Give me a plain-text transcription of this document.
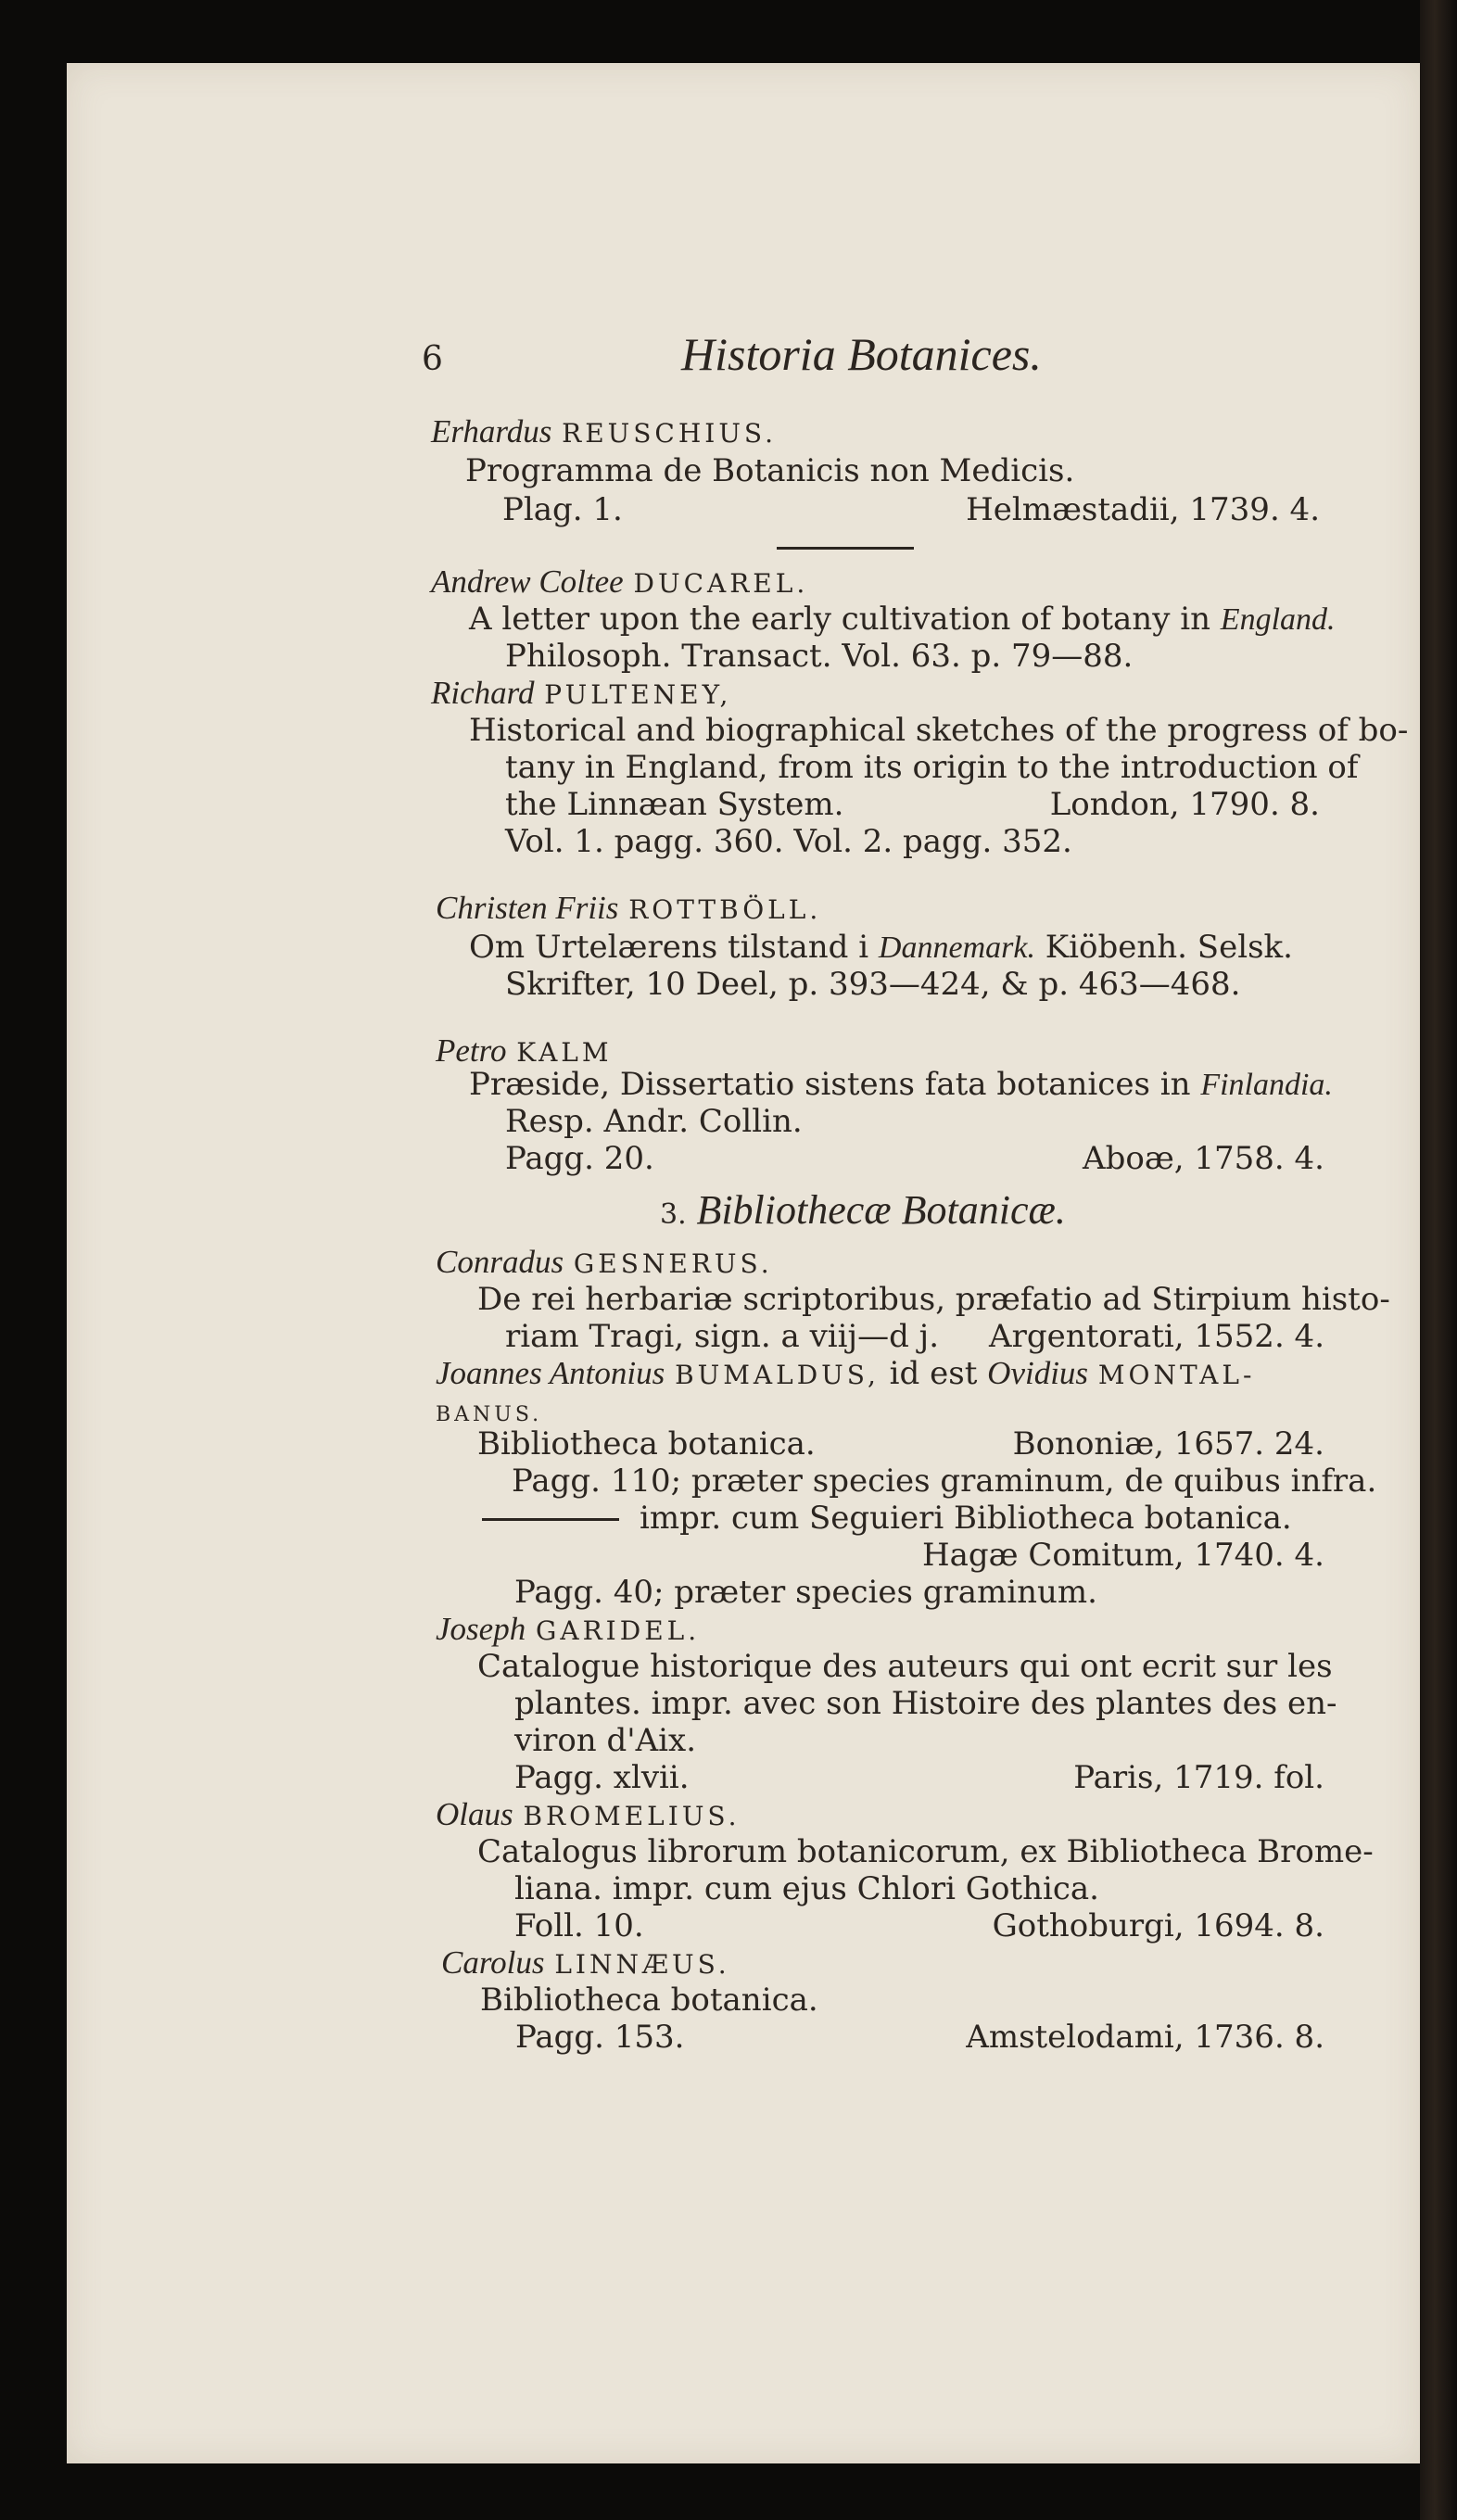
6	Historia Botanices.
Erhardus REUSCHIUS.
Programma de Botanicis non Medicis.
Plag. 1.	Helmæstadii, 1739. 4.
Andrew Coltee DUCAREL.
A letter upon the early cultivation of botany in England.
Philosoph. Transact. Vol. 63. p. 79—88.
Richard PULTENEY,
Historical and biographical sketches of the progress of bo-
tany in England, from its origin to the introduction of
the Linnæan System.	London, 1790. 8.
Vol. 1. pagg. 360. Vol. 2. pagg. 352.
Christen Friis ROTTBÖLL.
Om Urtelærens tilstand i Dannemark. Kiöbenh. Selsk.
Skrifter, 10 Deel, p. 393—424, & p. 463—468.
Petro KALM
Præside, Dissertatio sistens fata botanices in Finlandia.
Resp. Andr. Collin.
Pagg. 20.	Aboæ, 1758. 4.
3. Bibliothecæ Botanicæ.
Conradus GESNERUS.
De rei herbariæ scriptoribus, præfatio ad Stirpium histo-
riam Tragi, sign. a viij—d j. Argentorati, 1552. 4.
Joannes Antonius BUMALDUS, id est Ovidius MONTAL-
BANUS.
Bibliotheca botanica.	Bononiæ, 1657. 24.
Pagg. 110; præter species graminum, de quibus infra.
impr. cum Seguieri Bibliotheca botanica.
Hagæ Comitum, 1740. 4.
Pagg. 40; præter species graminum.
Joseph GARIDEL.
Catalogue historique des auteurs qui ont ecrit sur les
plantes. impr. avec son Histoire des plantes des en-
viron d'Aix.
Pagg. xlvii.	Paris, 1719. fol.
Olaus BROMELIUS.
Catalogus librorum botanicorum, ex Bibliotheca Brome-
liana. impr. cum ejus Chlori Gothica.
Foll. 10.	Gothoburgi, 1694. 8.
Carolus LINNÆUS.
Bibliotheca botanica.
Pagg. 153.	Amstelodami, 1736. 8.
